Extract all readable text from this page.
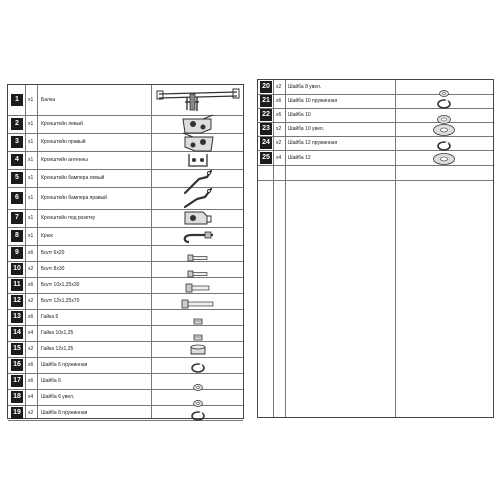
1	x1 Балка
2	x1 Кронштейн левый
3	x1 Кронштейн правый
4	x1 Кронштейн антенны
5	x1 Кронштейн бампера левый
6	x1 Кронштейн бампера правый
7	x1 Кронштейн под розетку
8	x1 Крюк
9	x6 Болт 6x20
10	x2 Болт 8x30
11	x6 Болт 10x1,25x30
12	x2 Болт 12x1,25x70
13	x6 Гайка 6
14	x4 Гайка 10x1,25
15	x2 Гайка 12x1,25
16	x6 Шайба 6 пружинная
17	x6 Шайба 6
18	x4 Шайба 6 увел.
19	x2 Шайба 8 пружинная
20	x2 Шайба 8 увел.
21	x6 Шайба 10 пружинная
22	x6 Шайба 10
23	x2 Шайба 10 увел.
24	x2 Шайба 12 пружинная
25	x4 Шайба 12
